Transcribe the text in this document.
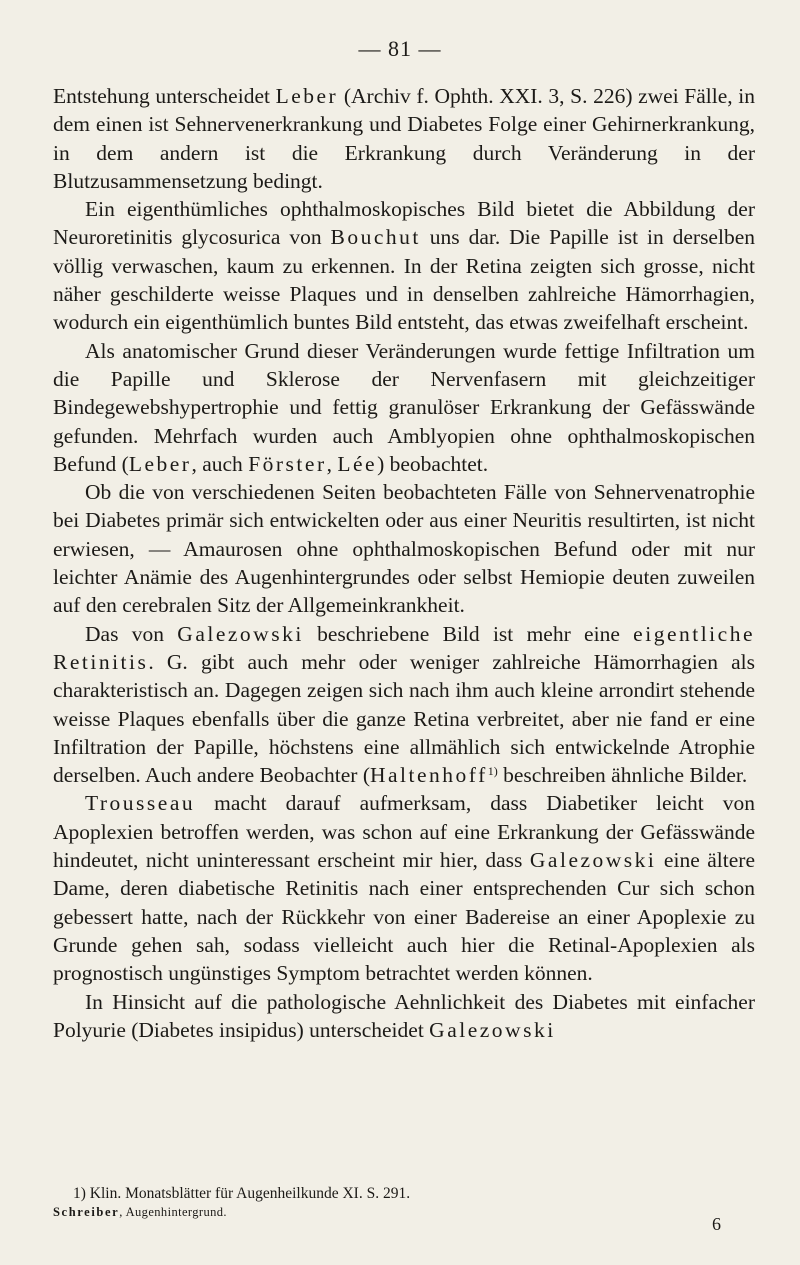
— 81 —

Entstehung unterscheidet Leber (Archiv f. Ophth. XXI. 3, S. 226) zwei Fälle, in dem einen ist Sehnervenerkrankung und Diabetes Folge einer Gehirnerkrankung, in dem andern ist die Erkrankung durch Veränderung in der Blutzusammensetzung bedingt.

Ein eigenthümliches ophthalmoskopisches Bild bietet die Abbildung der Neuroretinitis glycosurica von Bouchut uns dar. Die Papille ist in derselben völlig verwaschen, kaum zu erkennen. In der Retina zeigten sich grosse, nicht näher geschilderte weisse Plaques und in denselben zahlreiche Hämorrhagien, wodurch ein eigenthümlich buntes Bild entsteht, das etwas zweifelhaft erscheint.

Als anatomischer Grund dieser Veränderungen wurde fettige Infiltration um die Papille und Sklerose der Nervenfasern mit gleichzeitiger Bindegewebshypertrophie und fettig granulöser Erkrankung der Gefässwände gefunden. Mehrfach wurden auch Amblyopien ohne ophthalmoskopischen Befund (Leber, auch Förster, Lée) beobachtet.

Ob die von verschiedenen Seiten beobachteten Fälle von Sehnervenatrophie bei Diabetes primär sich entwickelten oder aus einer Neuritis resultirten, ist nicht erwiesen, — Amaurosen ohne ophthalmoskopischen Befund oder mit nur leichter Anämie des Augenhintergrundes oder selbst Hemiopie deuten zuweilen auf den cerebralen Sitz der Allgemeinkrankheit.

Das von Galezowski beschriebene Bild ist mehr eine eigentliche Retinitis. G. gibt auch mehr oder weniger zahlreiche Hämorrhagien als charakteristisch an. Dagegen zeigen sich nach ihm auch kleine arrondirt stehende weisse Plaques ebenfalls über die ganze Retina verbreitet, aber nie fand er eine Infiltration der Papille, höchstens eine allmählich sich entwickelnde Atrophie derselben. Auch andere Beobachter (Haltenhoff$^{1)}$ beschreiben ähnliche Bilder.

Trousseau macht darauf aufmerksam, dass Diabetiker leicht von Apoplexien betroffen werden, was schon auf eine Erkrankung der Gefässwände hindeutet, nicht uninteressant erscheint mir hier, dass Galezowski eine ältere Dame, deren diabetische Retinitis nach einer entsprechenden Cur sich schon gebessert hatte, nach der Rückkehr von einer Badereise an einer Apoplexie zu Grunde gehen sah, sodass vielleicht auch hier die Retinal-Apoplexien als prognostisch ungünstiges Symptom betrachtet werden können.

In Hinsicht auf die pathologische Aehnlichkeit des Diabetes mit einfacher Polyurie (Diabetes insipidus) unterscheidet Galezowski

1) Klin. Monatsblätter für Augenheilkunde XI. S. 291.
Schreiber, Augenhintergrund.
6
